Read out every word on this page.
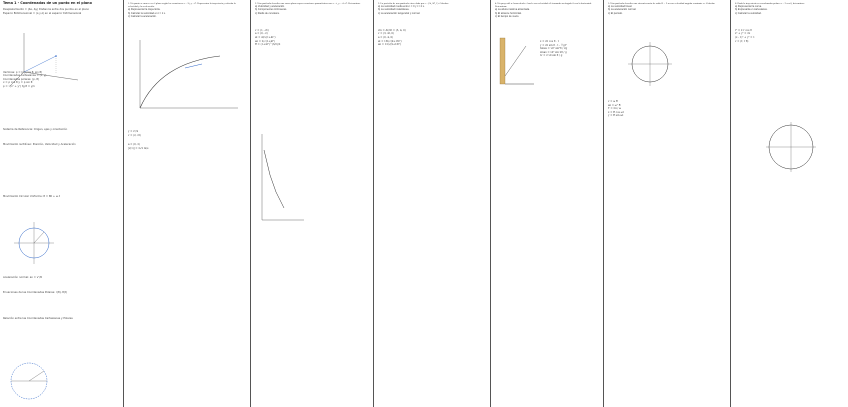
Tema 1 - Coordenadas de un punto en el plano
Desplazamiento = (Δx, Δy) Distancia entre dos puntos en el plano
Espacio Bidimensional = (x,y,z) en el espacio tridimensional
Vectores: ρ = |ρ|·(cos θ, sin θ)
Coordenadas cartesianas = (x, y)
Coordenadas polares: (ρ, θ)
x = ρ cos θ y = ρ sin θ
ρ = √(x² + y²) tg θ = y/x
Sistema de Referencia: Origen, ejes y orientación
Movimiento rectilíneo: Posición, Velocidad y Aceleración
Movimiento Circular Uniforme: θ = θ0 + ω·t
Aceleración normal: an = v²/R
Ecuaciones de las Coordenadas Polares: r(θ), θ(t)
Relación entre las Coordenadas Cartesianas y Polares
1. Un punto se mueve en el plano según las ecuaciones x = 2t, y = t². Representar la trayectoria y calcular la velocidad y la aceleración.
a) Representar la trayectoria.
b) Calcular la velocidad en t = 1 s.
c) Calcular la aceleración.
y = x²/4
v = (2, 2t)
a = (0, 2)
|v(1)| = 2√2 m/s
2. Una partícula describe una curva plana cuyas ecuaciones paramétricas son x = t, y = 4 - t². Determinar:
a) Velocidad y aceleración.
b) Componentes intrínsecas.
c) Radio de curvatura.
v = (1, -2t)
a = (0, -2)
at = 4t/√(1+4t²)
an = 2/√(1+4t²)
R = (1+4t²)^(3/2)/2
3. La posición de una partícula viene dada por r = (3t, 2t², 1). Calcular:
a) La velocidad media entre t = 0 y t = 2 s.
b) La velocidad instantánea.
c) La aceleración tangencial y normal.
vm = Δr/Δt = (3, 4, 0)
v = (3, 4t, 0)
a = (0, 4, 0)
at = 16t/√(9+16t²)
an = 12/√(9+16t²)
4. Un proyectil se lanza desde el suelo con velocidad v0 formando un ángulo θ con la horizontal. Determinar:
a) La altura máxima alcanzada.
b) El alcance horizontal.
c) El tiempo de vuelo.
x = v0 cos θ · t
y = v0 sin θ · t - ½gt²
hmax = v0² sin²θ / 2g
xmax = v0² sin 2θ / g
tv = 2 v0 sin θ / g
5. Una partícula describe una circunferencia de radio R = 2 m con velocidad angular constante ω. Calcular:
a) La velocidad lineal.
b) La aceleración normal.
c) El periodo.
v = ω R
an = ω² R
T = 2π / ω
x = R cos ωt
y = R sin ωt
6. Dada la trayectoria en coordenadas polares r = 2 cos θ, determinar:
a) Representar la curva.
b) Expresarla en cartesianas.
c) Calcular la velocidad.
r² = 2 r cos θ
x² + y² = 2x
(x - 1)² + y² = 1
v = (ṙ, r θ̇)
